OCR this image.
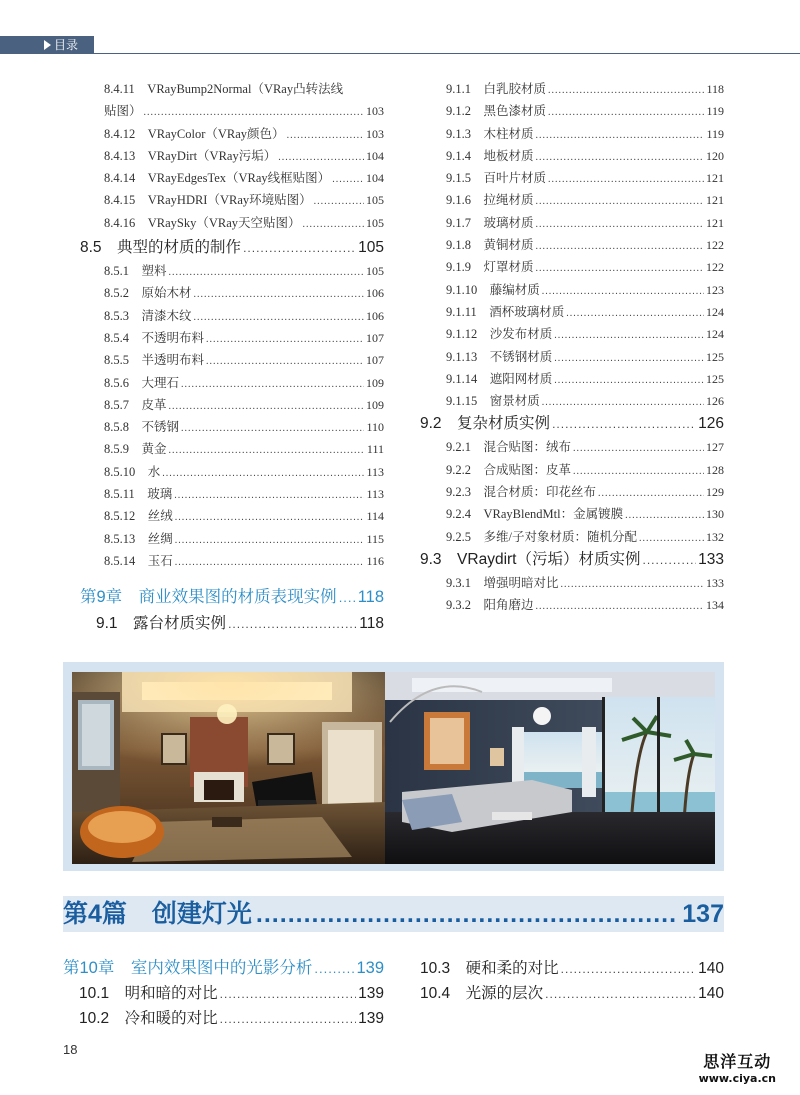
目录
8.4.11　VRayBump2Normal（VRay凸转法线
贴图） .....	103
8.4.12　VRayColor（VRay颜色） .....	103
8.4.13　VRayDirt（VRay污垢） .....	104
8.4.14　VRayEdgesTex（VRay线框贴图） .....	104
8.4.15　VRayHDRI（VRay环境贴图） .....	105
8.4.16　VRaySky（VRay天空贴图） .....	105
8.5　典型的材质的制作 .....	105
8.5.1　塑料 .....	105
8.5.2　原始木材 .....	106
8.5.3　清漆木纹 .....	106
8.5.4　不透明布料 .....	107
8.5.5　半透明布料 .....	107
8.5.6　大理石 .....	109
8.5.7　皮革 .....	109
8.5.8　不锈钢 .....	110
8.5.9　黄金 .....	111
8.5.10　水 .....	113
8.5.11　玻璃 .....	113
8.5.12　丝绒 .....	114
8.5.13　丝绸 .....	115
8.5.14　玉石 .....	116
第9章　商业效果图的材质表现实例 ..... 118
9.1　露台材质实例 .....	118
9.1.1　白乳胶材质 .....	118
9.1.2　黑色漆材质 .....	119
9.1.3　木柱材质 .....	119
9.1.4　地板材质 .....	120
9.1.5　百叶片材质 .....	121
9.1.6　拉绳材质 .....	121
9.1.7　玻璃材质 .....	121
9.1.8　黄铜材质 .....	122
9.1.9　灯罩材质 .....	122
9.1.10　藤编材质 .....	123
9.1.11　酒杯玻璃材质 .....	124
9.1.12　沙发布材质 .....	124
9.1.13　不锈钢材质 .....	125
9.1.14　遮阳网材质 .....	125
9.1.15　窗景材质 .....	126
9.2　复杂材质实例 .....	126
9.2.1　混合贴图：绒布 .....	127
9.2.2　合成贴图：皮革 .....	128
9.2.3　混合材质：印花丝布 .....	129
9.2.4　VRayBlendMtl：金属镀膜 .....	130
9.2.5　多维/子对象材质：随机分配 .....	132
9.3　VRaydirt（污垢）材质实例 .....	133
9.3.1　增强明暗对比 .....	133
9.3.2　阳角磨边 .....	134
第4篇　创建灯光 .....	137
第10章　室内效果图中的光影分析 .....	139
10.1　明和暗的对比 .....	139
10.2　冷和暖的对比 .....	139
10.3　硬和柔的对比 .....	140
10.4　光源的层次 .....	140
18
思洋互动
www.ciya.cn
